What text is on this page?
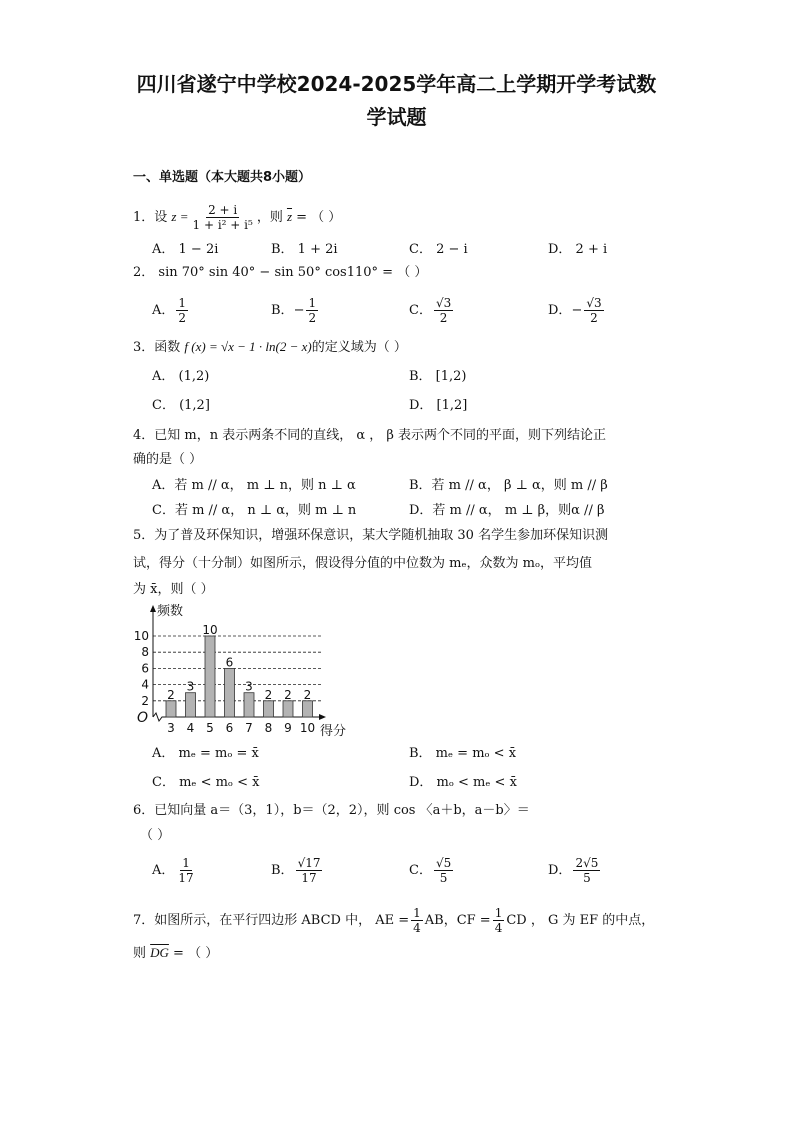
四川省遂宁中学校2024-2025学年高二上学期开学考试数
学试题
一、单选题（本大题共8小题）
1．设 $z = \frac{2 + i}{\text{1 + i² + i⁵}}$ ，则 $\overline{z}$ = （ ）
A． 1 − 2i	B． 1 + 2i	C． 2 − i	D． 2 + i
2． sin 70° sin 40° − sin 50° cos110° = （ ）
A． $\frac{1}{2}$	B．− $\frac{1}{2}$	C． $\frac{√3}{2}$	D．− $\frac{√3}{2}$
3．函数 f (x) = √x − 1 · ln(2 − x)的定义域为（ ）
A． (1,2)	B． [1,2)
C． (1,2]	D． [1,2]
4．已知 m，n 表示两条不同的直线， α ， β 表示两个不同的平面，则下列结论正
确的是（ ）
A．若 m // α， m ⊥ n，则 n ⊥ α	B．若 m // α， β ⊥ α，则 m // β
C．若 m // α， n ⊥ α，则 m ⊥ n	D．若 m // α， m ⊥ β，则α // β
5．为了普及环保知识，增强环保意识，某大学随机抽取 30 名学生参加环保知识测
试，得分（十分制）如图所示，假设得分值的中位数为 mₑ，众数为 mₒ，平均值
为 x̄，则（ ）
2
4
6
8
10
频数
得分
O
2
3
3
4
10
5
6
6
3
7
2
8
2
9
2
10
A． mₑ = mₒ = x̄	B． mₑ = mₒ < x̄
C． mₑ < mₒ < x̄	D． mₒ < mₑ < x̄
6．已知向量 a＝（3，1），b＝（2，2），则 cos 〈a＋b，a－b〉＝
（ ）
A． $\frac{1}{17}$	B． $\frac{√17}{17}$	C． $\frac{√5}{5}$	D． $\frac{2√5}{5}$
7．如图所示，在平行四边形 ABCD 中， AE = $\frac{1}{4}$ AB，CF = $\frac{1}{4}$ CD ， G 为 EF 的中点，
则 $\overline{DG}$ = （ ）
